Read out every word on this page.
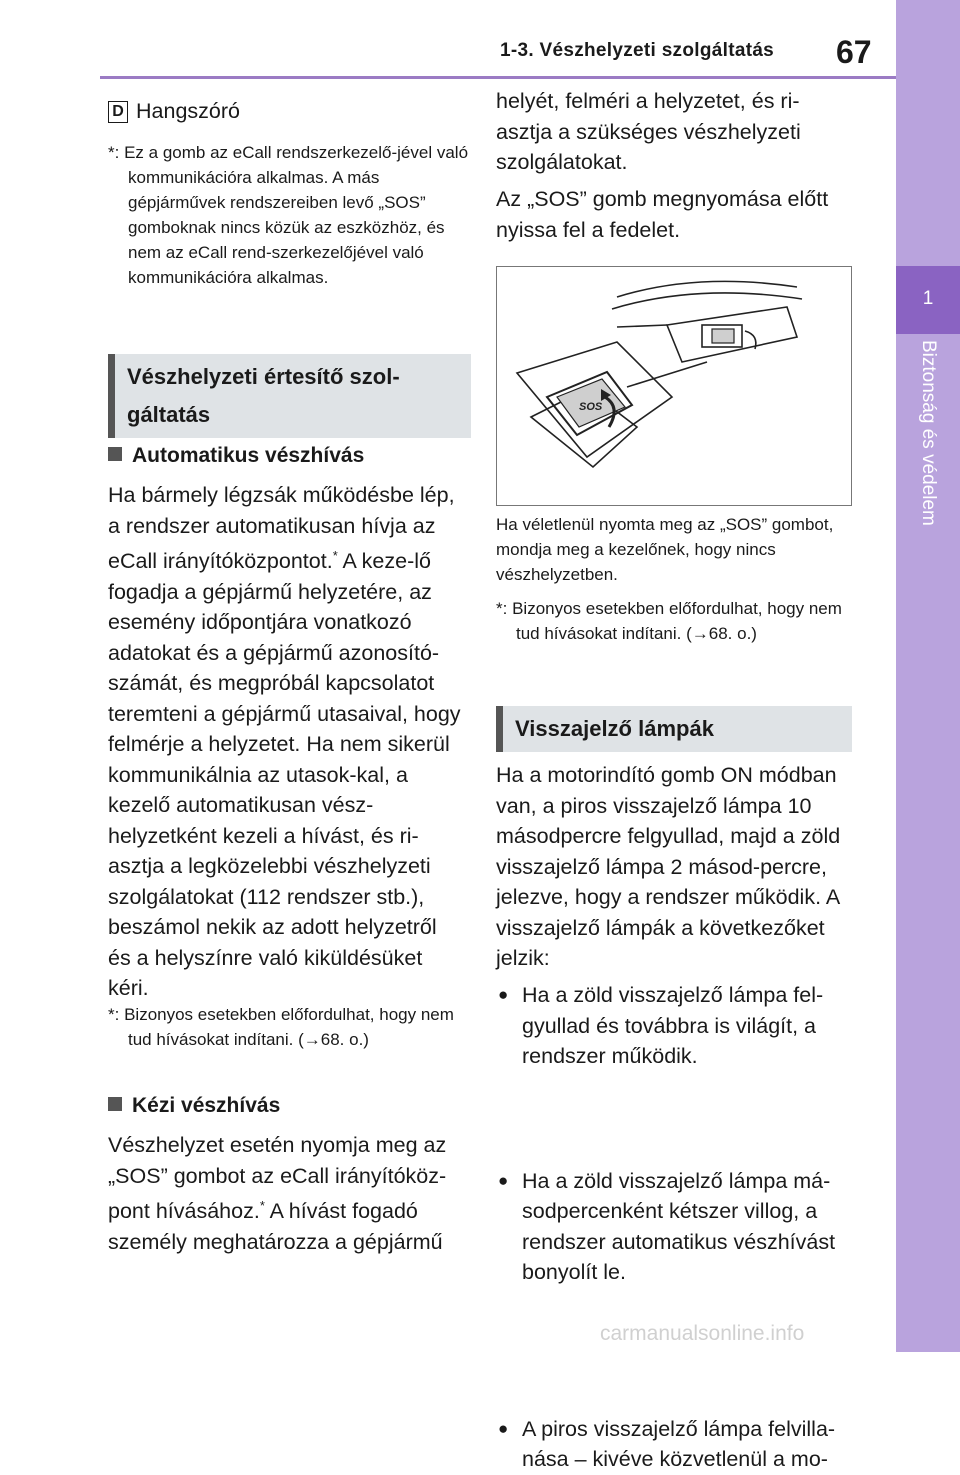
1-3. Vészhelyzeti szolgáltatás 67
1
Biztonság és védelem
D Hangszóró
*: Ez a gomb az eCall rendszerkezelő-jével való kommunikációra alkalmas. A más gépjárművek rendszereiben levő „SOS” gomboknak nincs közük az eszközhöz, és nem az eCall rend-szerkezelőjével való kommunikációra alkalmas.
Vészhelyzeti értesítő szol-gáltatás
Automatikus vészhívás
Ha bármely légzsák működésbe lép, a rendszer automatikusan hívja az eCall irányítóközpontot.* A keze-lő fogadja a gépjármű helyzetére, az esemény időpontjára vonatkozó adatokat és a gépjármű azonosító-számát, és megpróbál kapcsolatot teremteni a gépjármű utasaival, hogy felmérje a helyzetet. Ha nem sikerül kommunikálnia az utasok-kal, a kezelő automatikusan vész-helyzetként kezeli a hívást, és ri-asztja a legközelebbi vészhelyzeti szolgálatokat (112 rendszer stb.), beszámol nekik az adott helyzetről és a helyszínre való kiküldésüket kéri.
*: Bizonyos esetekben előfordulhat, hogy nem tud hívásokat indítani. (→68. o.)
Kézi vészhívás
Vészhelyzet esetén nyomja meg az „SOS” gombot az eCall irányítóköz-pont hívásához.* A hívást fogadó személy meghatározza a gépjármű
helyét, felméri a helyzetet, és ri-asztja a szükséges vészhelyzeti szolgálatokat.
Az „SOS” gomb megnyomása előtt nyissa fel a fedelet.
SOS
Ha véletlenül nyomta meg az „SOS” gombot, mondja meg a kezelőnek, hogy nincs vészhelyzetben.
*: Bizonyos esetekben előfordulhat, hogy nem tud hívásokat indítani. (→68. o.)
Visszajelző lámpák
Ha a motorindító gomb ON módban van, a piros visszajelző lámpa 10 másodpercre felgyullad, majd a zöld visszajelző lámpa 2 másod-percre, jelezve, hogy a rendszer működik. A visszajelző lámpák a következőket jelzik:
● Ha a zöld visszajelző lámpa fel-gyullad és továbbra is világít, a rendszer működik.
● Ha a zöld visszajelző lámpa má-sodpercenként kétszer villog, a rendszer automatikus vészhívást bonyolít le.
● A piros visszajelző lámpa felvilla-nása – kivéve közvetlenül a mo-
carmanualsonline.info
